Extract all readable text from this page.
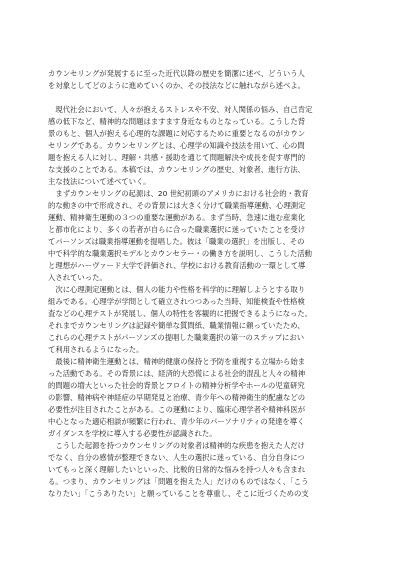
カウンセリングが発展するに至った近代以降の歴史を簡潔に述べ、どういう人
を対象としてどのように進めていくのか、その技法などに触れながら述べよ。
　現代社会において、人々が抱えるストレスや不安、対人関係の悩み、自己肯定
感の低下など、精神的な問題はますます身近なものとなっている。こうした背
景のもと、個人が抱える心理的な課題に対応するために重要となるのがカウン
セリングである。カウンセリングとは、心理学の知識や技法を用いて、心の問
題を抱える人に対し、理解・共感・援助を通じて問題解決や成長を促す専門的
な支援のことである。本稿では、カウンセリングの歴史、対象者、進行方法、
主な技法について述べていく。
　まずカウンセリングの起源は、20 世紀初頭のアメリカにおける社会的・教育
的な動きの中で形成され、その背景には大きく分けて職業指導運動、心理測定
運動、精神衛生運動の３つの重要な運動がある。まず当時、急速に進む産業化
と都市化により、多くの若者が自らに合った職業選択に迷っていたことを受け
てパーソンズは職業指導運動を提唱した。彼は「職業の選択」を出版し、その
中で科学的な職業選択モデルとカウンセラー・の働き方を説明し、こうした活動
と理想がハーヴァード大学で評価され、学校における教育活動の一環として導
入されていった。
　次に心理測定運動とは、個人の能力や性格を科学的に理解しようとする取り
組みである。心理学が学問として確立されつつあった当時、知能検査や性格検
査などの心理テストが発展し、個人の特性を客観的に把握できるようになった。
それまでカウンセリングは記録や簡単な質問紙、職業情報に頼っていたため、
これらの心理テストがパーソンズの提唱した職業選択の第一のステップにおい
て利用されるようになった。
　最後に精神衛生運動とは、精神的健康の保持と予防を重視する立場から始ま
った活動である。その背景には、経済的大恐慌による社会的混乱と人々の精神
的問題の増大といった社会的背景とフロイトの精神分析学やホールの児童研究
の影響、精神病や神経症の早期発見と治療、青少年への精神衛生的配慮などの
必要性が注目されたことがある。この運動により、臨床心理学者や精神科医が
中心となった適応相談が頻繁に行われ、青少年のパーソナリティの発達を導く
ガイダンスを学校に導入する必要性が認識された。
　こうした起源を持つカウンセリングの対象者は精神的な疾患を抱えた人だけ
でなく、自分の感情が整理できない、人生の選択に迷っている、自分自身につ
いてもっと深く理解したいといった、比較的日常的な悩みを持つ人々も含まれ
る。つまり、カウンセリングは「問題を抱えた人」だけのものではなく、「こう
なりたい」「こうありたい」と願っていることを尊重し、そこに近づくための支
